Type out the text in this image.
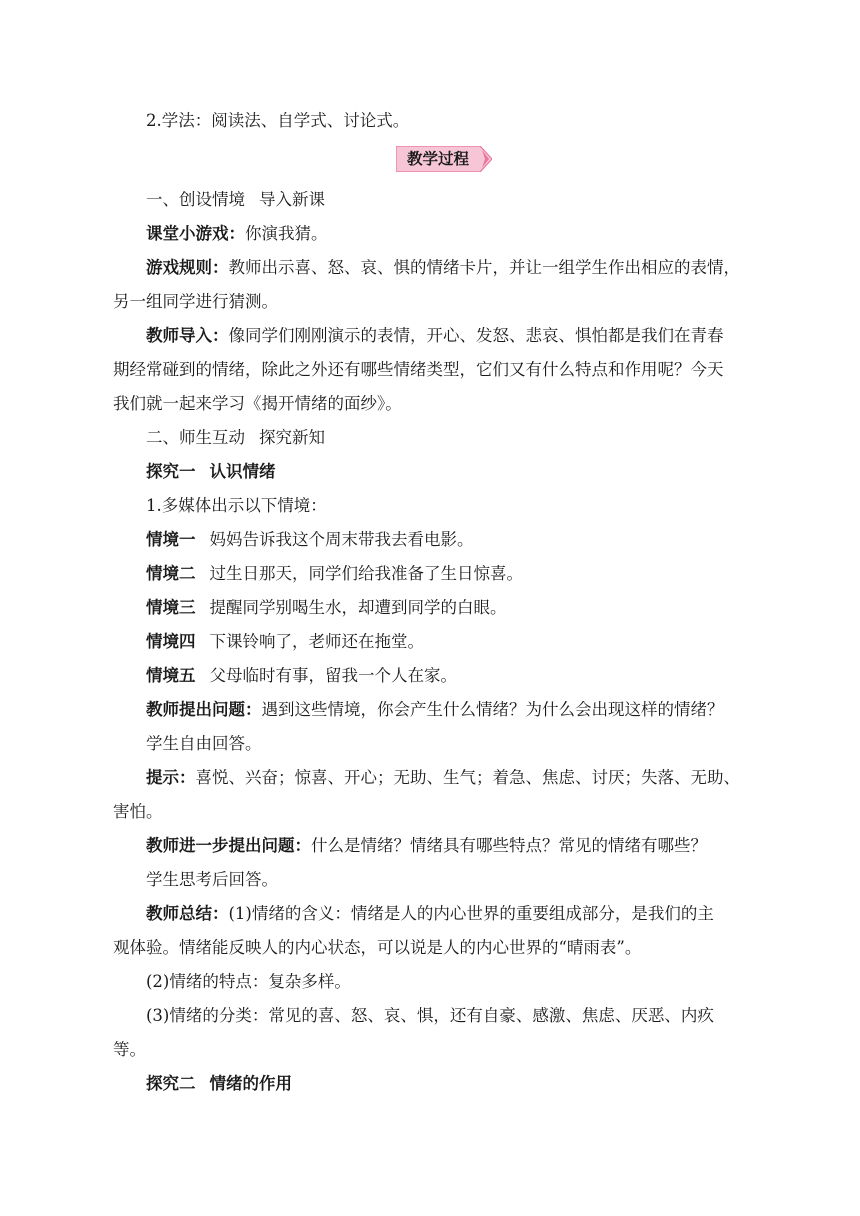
2.学法：阅读法、自学式、讨论式。
教学过程
一、创设情境 导入新课
课堂小游戏：你演我猜。
游戏规则：教师出示喜、怒、哀、惧的情绪卡片，并让一组学生作出相应的表情，
另一组同学进行猜测。
教师导入：像同学们刚刚演示的表情，开心、发怒、悲哀、惧怕都是我们在青春
期经常碰到的情绪，除此之外还有哪些情绪类型，它们又有什么特点和作用呢？今天
我们就一起来学习《揭开情绪的面纱》。
二、师生互动 探究新知
探究一 认识情绪
1.多媒体出示以下情境：
情境一 妈妈告诉我这个周末带我去看电影。
情境二 过生日那天，同学们给我准备了生日惊喜。
情境三 提醒同学别喝生水，却遭到同学的白眼。
情境四 下课铃响了，老师还在拖堂。
情境五 父母临时有事，留我一个人在家。
教师提出问题：遇到这些情境，你会产生什么情绪？为什么会出现这样的情绪？
学生自由回答。
提示：喜悦、兴奋；惊喜、开心；无助、生气；着急、焦虑、讨厌；失落、无助、
害怕。
教师进一步提出问题：什么是情绪？情绪具有哪些特点？常见的情绪有哪些？
学生思考后回答。
教师总结：(1)情绪的含义：情绪是人的内心世界的重要组成部分，是我们的主
观体验。情绪能反映人的内心状态，可以说是人的内心世界的“晴雨表”。
(2)情绪的特点：复杂多样。
(3)情绪的分类：常见的喜、怒、哀、惧，还有自豪、感激、焦虑、厌恶、内疚
等。
探究二 情绪的作用
